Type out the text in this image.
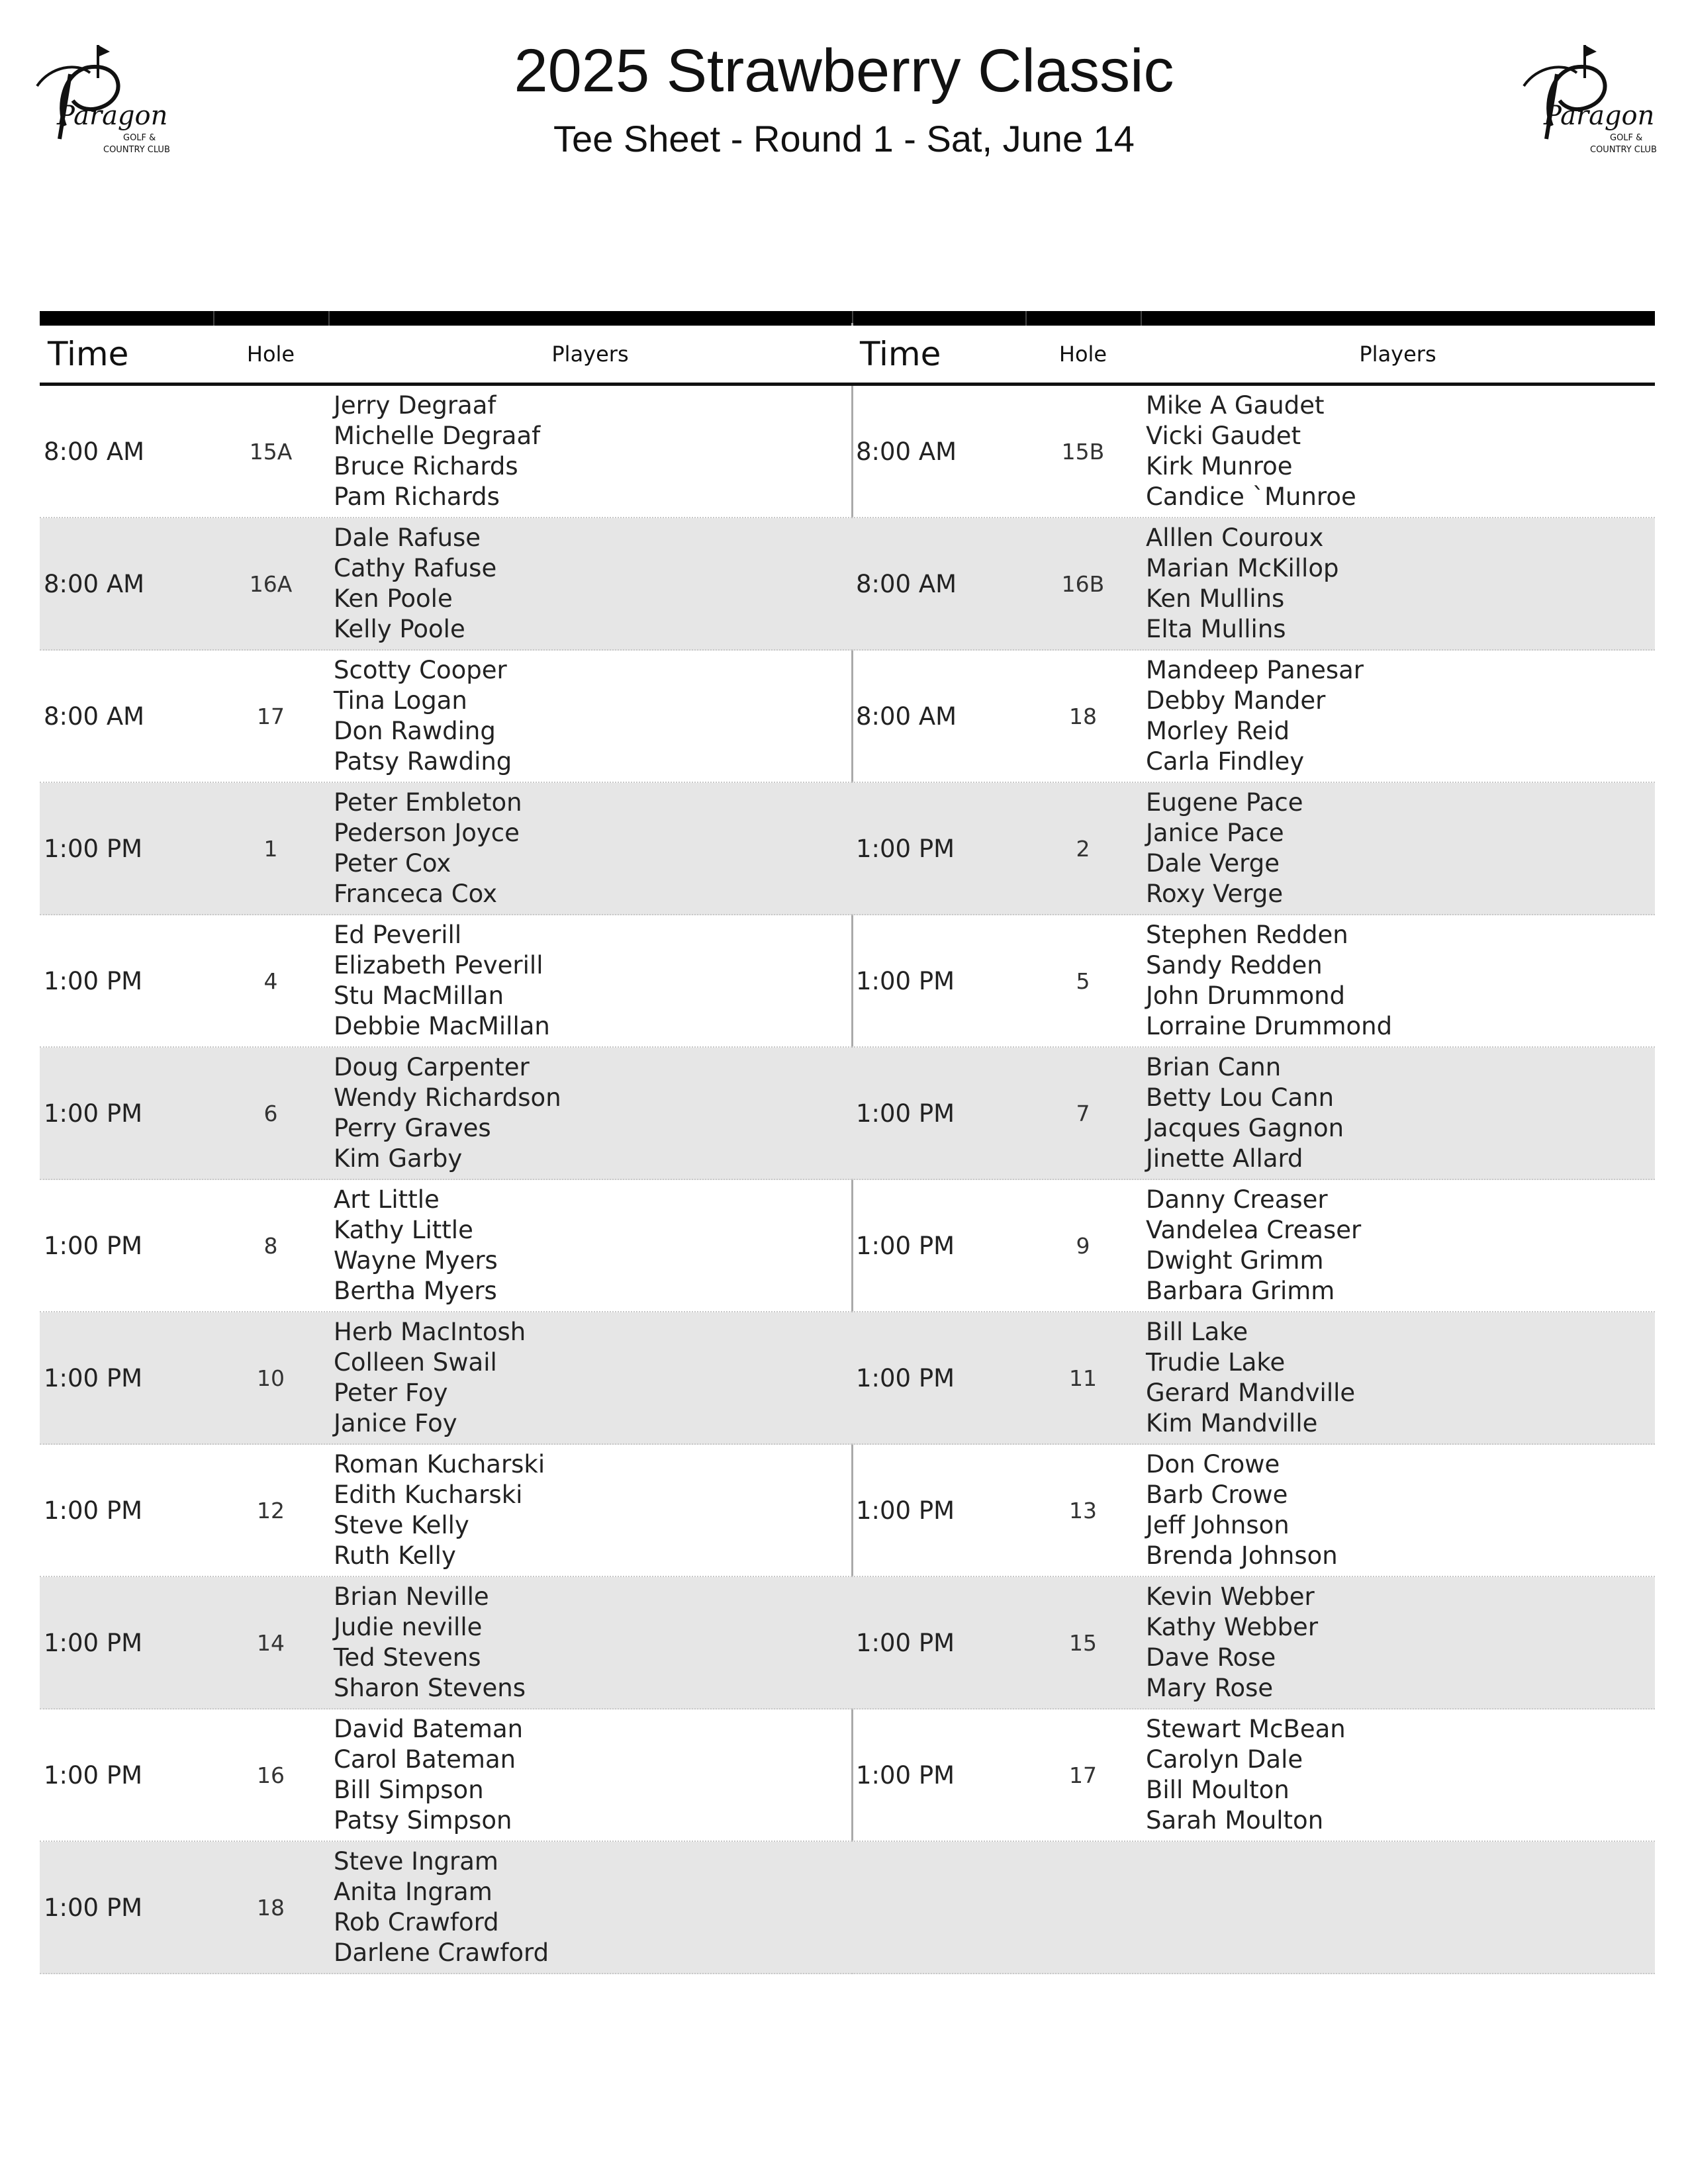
Paragon
GOLF &
COUNTRY CLUB
Paragon
GOLF &
COUNTRY CLUB
2025 Strawberry Classic
Tee Sheet - Round 1 - Sat, June 14
Time	Hole	Players
8:00 AM	15A
Jerry Degraaf
Michelle Degraaf
Bruce Richards
Pam Richards
8:00 AM	16A
Dale Rafuse
Cathy Rafuse
Ken Poole
Kelly Poole
8:00 AM	17
Scotty Cooper
Tina Logan
Don Rawding
Patsy Rawding
1:00 PM	1
Peter Embleton
Pederson Joyce
Peter Cox
Franceca Cox
1:00 PM	4
Ed Peverill
Elizabeth Peverill
Stu MacMillan
Debbie MacMillan
1:00 PM	6
Doug Carpenter
Wendy Richardson
Perry Graves
Kim Garby
1:00 PM	8
Art Little
Kathy Little
Wayne Myers
Bertha Myers
1:00 PM	10
Herb MacIntosh
Colleen Swail
Peter Foy
Janice Foy
1:00 PM	12
Roman Kucharski
Edith Kucharski
Steve Kelly
Ruth Kelly
1:00 PM	14
Brian Neville
Judie neville
Ted Stevens
Sharon Stevens
1:00 PM	16
David Bateman
Carol Bateman
Bill Simpson
Patsy Simpson
1:00 PM	18
Steve Ingram
Anita Ingram
Rob Crawford
Darlene Crawford
Time	Hole	Players
8:00 AM	15B
Mike A Gaudet
Vicki Gaudet
Kirk Munroe
Candice `Munroe
8:00 AM	16B
Alllen Couroux
Marian McKillop
Ken Mullins
Elta Mullins
8:00 AM	18
Mandeep Panesar
Debby Mander
Morley Reid
Carla Findley
1:00 PM	2
Eugene Pace
Janice Pace
Dale Verge
Roxy Verge
1:00 PM	5
Stephen Redden
Sandy Redden
John Drummond
Lorraine Drummond
1:00 PM	7
Brian Cann
Betty Lou Cann
Jacques Gagnon
Jinette Allard
1:00 PM	9
Danny Creaser
Vandelea Creaser
Dwight Grimm
Barbara Grimm
1:00 PM	11
Bill Lake
Trudie Lake
Gerard Mandville
Kim Mandville
1:00 PM	13
Don Crowe
Barb Crowe
Jeff Johnson
Brenda Johnson
1:00 PM	15
Kevin Webber
Kathy Webber
Dave Rose
Mary Rose
1:00 PM	17
Stewart McBean
Carolyn Dale
Bill Moulton
Sarah Moulton
